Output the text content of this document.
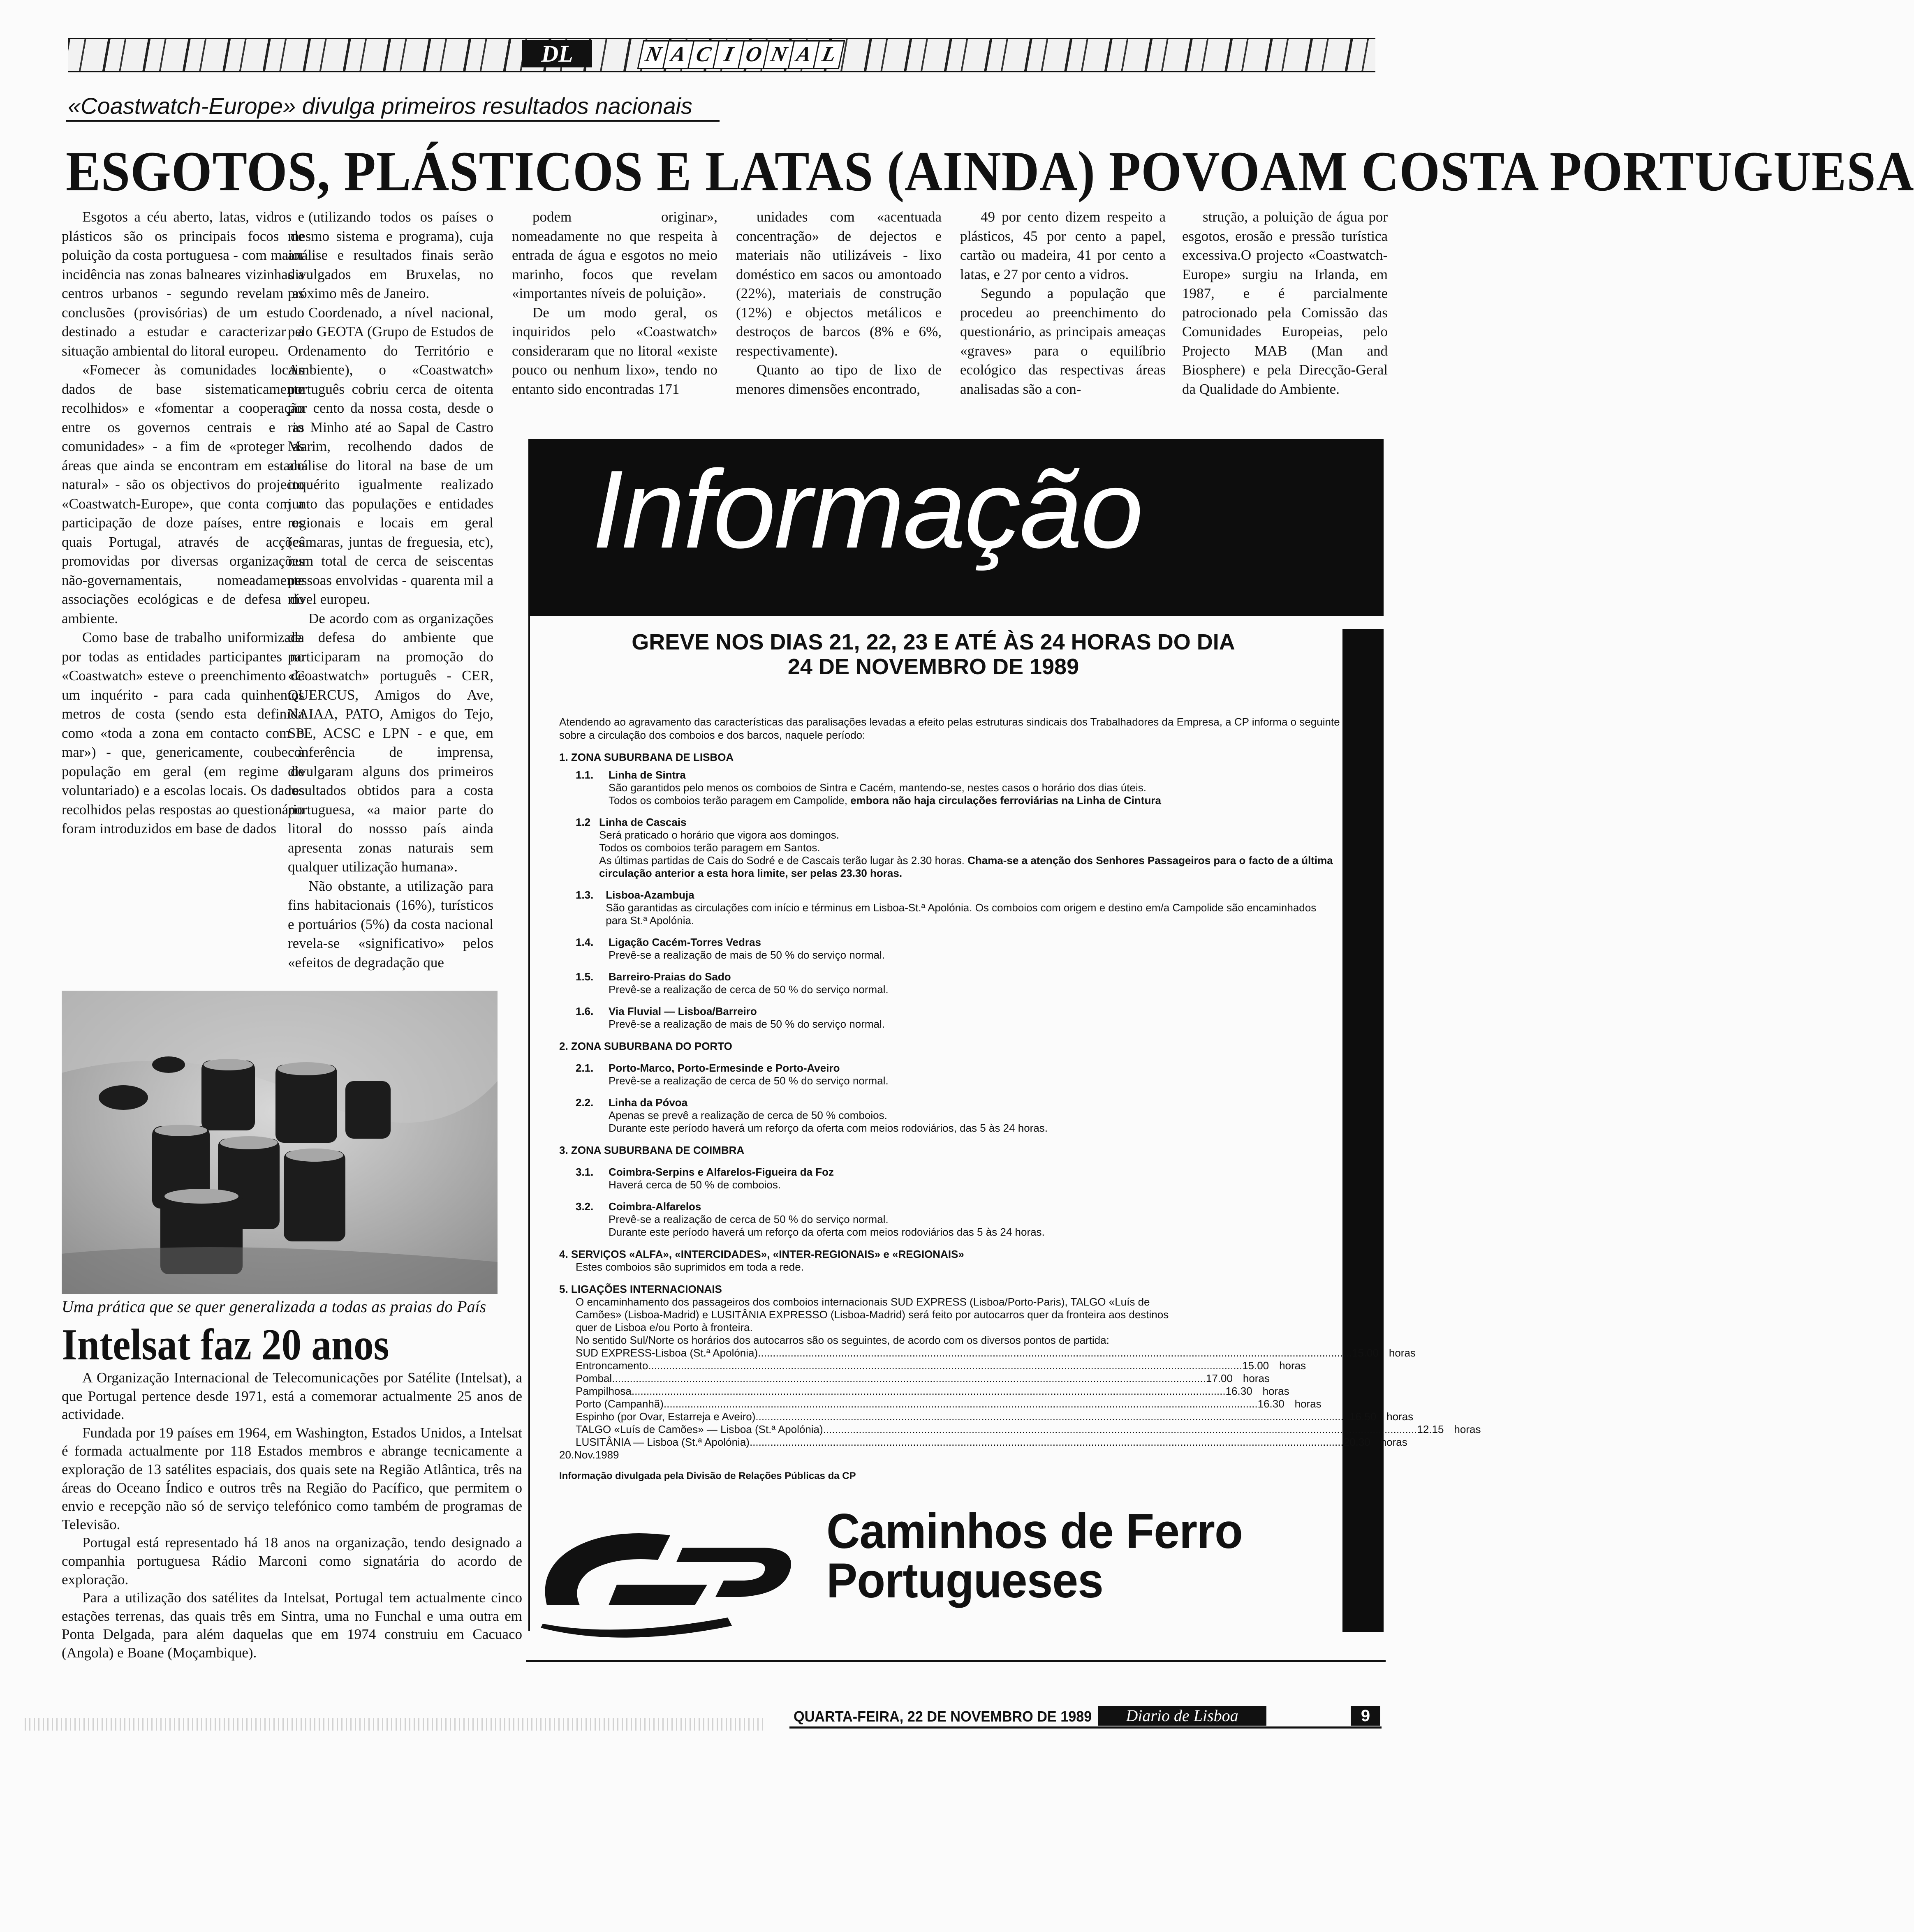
DL	N A C I O N A L
«Coastwatch-Europe» divulga primeiros resultados nacionais
ESGOTOS, PLÁSTICOS E LATAS (AINDA) POVOAM COSTA PORTUGUESA

Esgotos a céu aberto, latas, vidros e plásticos são os principais focos de poluição da costa portuguesa - com maior incidência nas zonas balneares vizinhas a centros urbanos - segundo revelam as conclusões (provisórias) de um estudo destinado a estudar e caracterizar a situação ambiental do litoral europeu.

«Fomecer às comunidades locais dados de base sistematicamente recolhidos» e «fomentar a cooperação entre os governos centrais e as comunidades» - a fim de «proteger as áreas que ainda se encontram em estado natural» - são os objectivos do projecto «Coastwatch-Europe», que conta com a participação de doze países, entre os quais Portugal, através de acções promovidas por diversas organizações não-governamentais, nomeadamente associações ecológicas e de defesa do ambiente.

Como base de trabalho uniformizada por todas as entidades participantes no «Coastwatch» esteve o preenchimento de um inquérito - para cada quinhentos metros de costa (sendo esta definida como «toda a zona em contacto com o mar») - que, genericamente, coube à população em geral (em regime de voluntariado) e a escolas locais. Os dados recolhidos pelas respostas ao questionário foram introduzidos em base de dados

(utilizando todos os países o mesmo sistema e programa), cuja análise e resultados finais serão divulgados em Bruxelas, no próximo mês de Janeiro.

Coordenado, a nível nacional, pelo GEOTA (Grupo de Estudos de Ordenamento do Território e Ambiente), o «Coastwatch» português cobriu cerca de oitenta por cento da nossa costa, desde o rio Minho até ao Sapal de Castro Marim, recolhendo dados de análise do litoral na base de um inquérito igualmente realizado junto das populações e entidades regionais e locais em geral (câmaras, juntas de freguesia, etc), num total de cerca de seiscentas pessoas envolvidas - quarenta mil a nível europeu.

De acordo com as organizações de defesa do ambiente que participaram na promoção do «Coastwatch» português - CER, QUERCUS, Amigos do Ave, NAIAA, PATO, Amigos do Tejo, SPE, ACSC e LPN - e que, em conferência de imprensa, divulgaram alguns dos primeiros resultados obtidos para a costa portuguesa, «a maior parte do litoral do nossso país ainda apresenta zonas naturais sem qualquer utilização humana».

Não obstante, a utilização para fins habitacionais (16%), turísticos e portuários (5%) da costa nacional revela-se «significativo» pelos «efeitos de degradação que

podem originar», nomeadamente no que respeita à entrada de água e esgotos no meio marinho, focos que revelam «importantes níveis de poluição».

De um modo geral, os inquiridos pelo «Coastwatch» consideraram que no litoral «existe pouco ou nenhum lixo», tendo no entanto sido encontradas 171

unidades com «acentuada concentração» de dejectos e materiais não utilizáveis - lixo doméstico em sacos ou amontoado (22%), materiais de construção (12%) e objectos metálicos e destroços de barcos (8% e 6%, respectivamente).

Quanto ao tipo de lixo de menores dimensões encontrado,

49 por cento dizem respeito a plásticos, 45 por cento a papel, cartão ou madeira, 41 por cento a latas, e 27 por cento a vidros.

Segundo a população que procedeu ao preenchimento do questionário, as principais ameaças «graves» para o equilíbrio ecológico das respectivas áreas analisadas são a con-

strução, a poluição de água por esgotos, erosão e pressão turística excessiva.O projecto «Coastwatch-Europe» surgiu na Irlanda, em 1987, e é parcialmente patrocionado pela Comissão das Comunidades Europeias, pelo Projecto MAB (Man and Biosphere) e pela Direcção-Geral da Qualidade do Ambiente.

Uma prática que se quer generalizada a todas as praias do País
Intelsat faz 20 anos

A Organização Internacional de Telecomunicações por Satélite (Intelsat), a que Portugal pertence desde 1971, está a comemorar actualmente 25 anos de actividade.

Fundada por 19 países em 1964, em Washington, Estados Unidos, a Intelsat é formada actualmente por 118 Estados membros e abrange tecnicamente a exploração de 13 satélites espaciais, dos quais sete na Região Atlântica, três na áreas do Oceano Índico e outros três na Região do Pacífico, que permitem o envio e recepção não só de serviço telefónico como também de programas de Televisão.

Portugal está representado há 18 anos na organização, tendo designado a companhia portuguesa Rádio Marconi como signatária do acordo de exploração.

Para a utilização dos satélites da Intelsat, Portugal tem actualmente cinco estações terrenas, das quais três em Sintra, uma no Funchal e uma outra em Ponta Delgada, para além daquelas que em 1974 construiu em Cacuaco (Angola) e Boane (Moçambique).

Informação
GREVE NOS DIAS 21, 22, 23 E ATÉ ÀS 24 HORAS DO DIA
24 DE NOVEMBRO DE 1989
Atendendo ao agravamento das características das paralisações levadas a efeito pelas estruturas sindicais dos Trabalhadores da Empresa, a CP informa o seguinte sobre a circulação dos comboios e dos barcos, naquele período:
1. ZONA SUBURBANA DE LISBOA
1.1.	Linha de Sintra
São garantidos pelo menos os comboios de Sintra e Cacém, mantendo-se, nestes casos o horário dos dias úteis.
Todos os comboios terão paragem em Campolide, embora não haja circulações ferroviárias na Linha de Cintura
1.2 Linha de Cascais
Será praticado o horário que vigora aos domingos.
Todos os comboios terão paragem em Santos.
As últimas partidas de Cais do Sodré e de Cascais terão lugar às 2.30 horas. Chama-se a atenção dos Senhores Passageiros para o facto de a última circulação anterior a esta hora limite, ser pelas 23.30 horas.
1.3.	Lisboa-Azambuja
São garantidas as circulações com início e términus em Lisboa-St.ª Apolónia. Os comboios com origem e destino em/a Campolide são encaminhados para St.ª Apolónia.
1.4.	Ligação Cacém-Torres Vedras
Prevê-se a realização de mais de 50 % do serviço normal.
1.5.	Barreiro-Praias do Sado
Prevê-se a realização de cerca de 50 % do serviço normal.
1.6.	Via Fluvial — Lisboa/Barreiro
Prevê-se a realização de mais de 50 % do serviço normal.
2. ZONA SUBURBANA DO PORTO
2.1.	Porto-Marco, Porto-Ermesinde e Porto-Aveiro
Prevê-se a realização de cerca de 50 % do serviço normal.
2.2.	Linha da Póvoa
Apenas se prevê a realização de cerca de 50 % comboios.
Durante este período haverá um reforço da oferta com meios rodoviários, das 5 às 24 horas.
3. ZONA SUBURBANA DE COIMBRA
3.1.	Coimbra-Serpins e Alfarelos-Figueira da Foz
Haverá cerca de 50 % de comboios.
3.2.	Coimbra-Alfarelos
Prevê-se a realização de cerca de 50 % do serviço normal.
Durante este período haverá um reforço da oferta com meios rodoviários das 5 às 24 horas.
4. SERVIÇOS «ALFA», «INTERCIDADES», «INTER-REGIONAIS» e «REGIONAIS»
Estes comboios são suprimidos em toda a rede.
5. LIGAÇÕES INTERNACIONAIS
O encaminhamento dos passageiros dos comboios internacionais SUD EXPRESS (Lisboa/Porto-Paris), TALGO «Luís de Camões» (Lisboa-Madrid) e LUSITÂNIA EXPRESSO (Lisboa-Madrid) será feito por autocarros quer da fronteira aos destinos quer de Lisboa e/ou Porto à fronteira.
No sentido Sul/Norte os horários dos autocarros são os seguintes, de acordo com os diversos pontos de partida:
SUD EXPRESS-Lisboa (St.ª Apolónia) ........................................................................................................................................................................................................ 15.00 horas
Entroncamento ........................................................................................................................................................................................................ 15.00 horas
Pombal ........................................................................................................................................................................................................ 17.00 horas
Pampilhosa ........................................................................................................................................................................................................ 16.30 horas
Porto (Campanhã) ........................................................................................................................................................................................................ 16.30 horas
Espinho (por Ovar, Estarreja e Aveiro) ........................................................................................................................................................................................................ 16.50 horas
TALGO «Luís de Camões» — Lisboa (St.ª Apolónia) ........................................................................................................................................................................................................ 12.15 horas
LUSITÂNIA — Lisboa (St.ª Apolónia) ........................................................................................................................................................................................................ 20.30 horas
20.Nov.1989
Informação divulgada pela Divisão de Relações Públicas da CP
Caminhos de Ferro
Portugueses
QUARTA-FEIRA, 22 DE NOVEMBRO DE 1989	Diario de Lisboa	9
